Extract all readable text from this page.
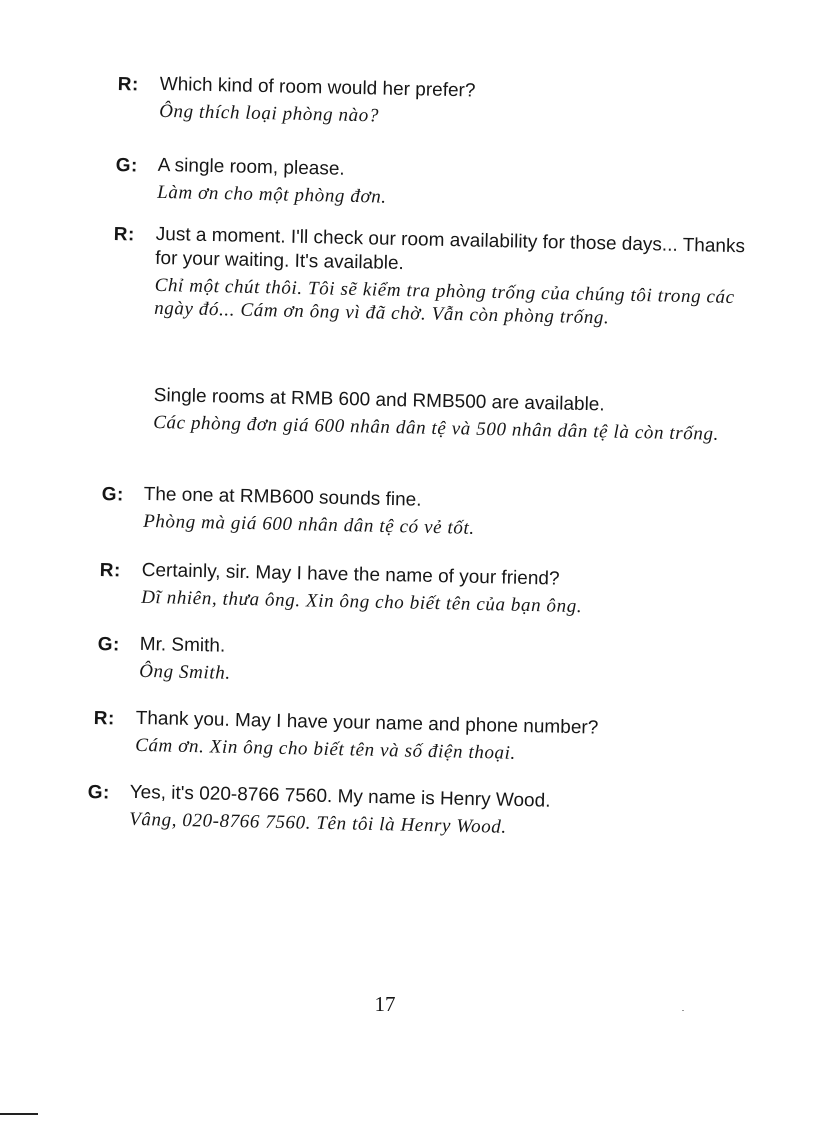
R:	Which kind of room would her prefer?

Ông thích loại phòng nào?

G:	A single room, please.

Làm ơn cho một phòng đơn.

R:	Just a moment. I'll check our room availability for those days... Thanks for your waiting. It's available.

Chỉ một chút thôi. Tôi sẽ kiểm tra phòng trống của chúng tôi trong các ngày đó... Cám ơn ông vì đã chờ. Vẫn còn phòng trống.

Single rooms at RMB 600 and RMB500 are available.

Các phòng đơn giá 600 nhân dân tệ và 500 nhân dân tệ là còn trống.

G:	The one at RMB600 sounds fine.

Phòng mà giá 600 nhân dân tệ có vẻ tốt.

R:	Certainly, sir. May I have the name of your friend?

Dĩ nhiên, thưa ông. Xin ông cho biết tên của bạn ông.

G:	Mr. Smith.

Ông Smith.

R:	Thank you. May I have your name and phone number?

Cám ơn. Xin ông cho biết tên và số điện thoại.

G:	Yes, it's 020-8766 7560. My name is Henry Wood.

Vâng, 020-8766 7560. Tên tôi là Henry Wood.

17
